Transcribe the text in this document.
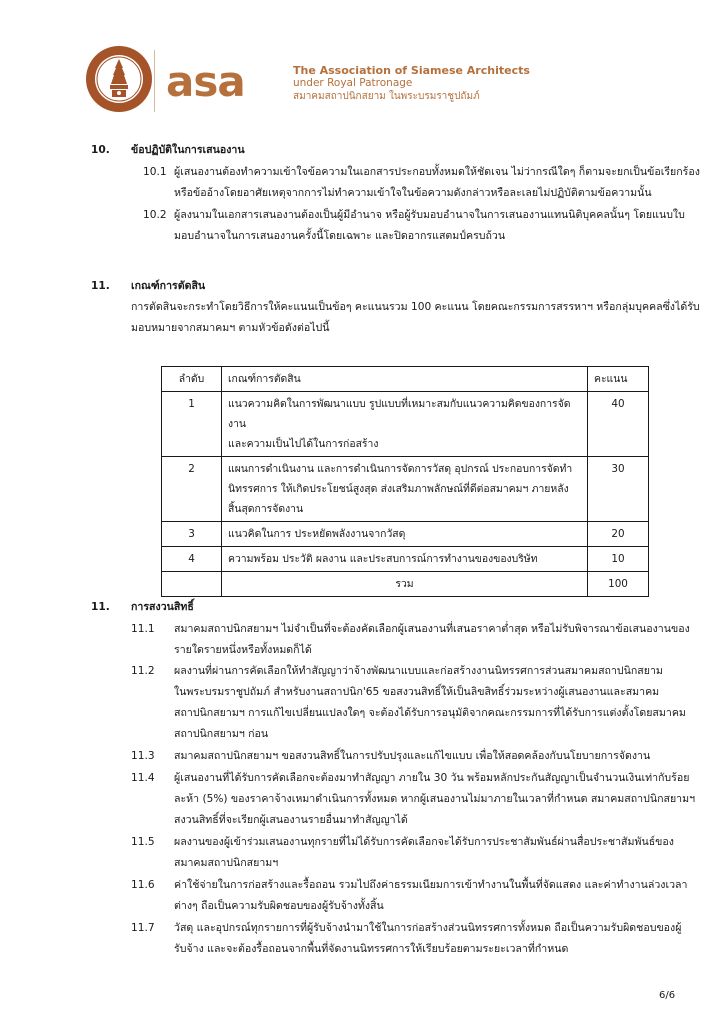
asa	The Association of Siamese Architects
under Royal Patronage
สมาคมสถาปนิกสยาม ในพระบรมราชูปถัมภ์
10. ข้อปฏิบัติในการเสนองาน
10.1 ผู้เสนองานต้องทำความเข้าใจข้อความในเอกสารประกอบทั้งหมดให้ชัดเจน ไม่ว่ากรณีใดๆ ก็ตามจะยกเป็นข้อเรียกร้อง
หรือข้ออ้างโดยอาศัยเหตุจากการไม่ทำความเข้าใจในข้อความดังกล่าวหรือละเลยไม่ปฏิบัติตามข้อความนั้น
10.2 ผู้ลงนามในเอกสารเสนองานต้องเป็นผู้มีอำนาจ หรือผู้รับมอบอำนาจในการเสนองานแทนนิติบุคคลนั้นๆ โดยแนบใบ
มอบอำนาจในการเสนองานครั้งนี้โดยเฉพาะ และปิดอากรแสตมป์ครบถ้วน
11. เกณฑ์การตัดสิน
การตัดสินจะกระทำโดยวิธีการให้คะแนนเป็นข้อๆ คะแนนรวม 100 คะแนน โดยคณะกรรมการสรรหาฯ หรือกลุ่มบุคคลซึ่งได้รับ
มอบหมายจากสมาคมฯ ตามหัวข้อดังต่อไปนี้
ลำดับ	เกณฑ์การตัดสิน	คะแนน
1	แนวความคิดในการพัฒนาแบบ รูปแบบที่เหมาะสมกับแนวความคิดของการจัดงาน
และความเป็นไปได้ในการก่อสร้าง	40
2	แผนการดำเนินงาน และการดำเนินการจัดการวัสดุ อุปกรณ์ ประกอบการจัดทำ
นิทรรศการ ให้เกิดประโยชน์สูงสุด ส่งเสริมภาพลักษณ์ที่ดีต่อสมาคมฯ ภายหลัง
สิ้นสุดการจัดงาน	30
3	แนวคิดในการ ประหยัดพลังงานจากวัสดุ	20
4	ความพร้อม ประวัติ ผลงาน และประสบการณ์การทำงานของของบริษัท	10
	รวม	100
11. การสงวนสิทธิ์
11.1 สมาคมสถาปนิกสยามฯ ไม่จำเป็นที่จะต้องคัดเลือกผู้เสนองานที่เสนอราคาต่ำสุด หรือไม่รับพิจารณาข้อเสนองานของ
รายใดรายหนึ่งหรือทั้งหมดก็ได้
11.2 ผลงานที่ผ่านการคัดเลือกให้ทำสัญญาว่าจ้างพัฒนาแบบและก่อสร้างงานนิทรรศการส่วนสมาคมสถาปนิกสยาม
ในพระบรมราชูปถัมภ์ สำหรับงานสถาปนิก'65 ขอสงวนสิทธิ์ให้เป็นลิขสิทธิ์ร่วมระหว่างผู้เสนองานและสมาคม
สถาปนิกสยามฯ การแก้ไขเปลี่ยนแปลงใดๆ จะต้องได้รับการอนุมัติจากคณะกรรมการที่ได้รับการแต่งตั้งโดยสมาคม
สถาปนิกสยามฯ ก่อน
11.3 สมาคมสถาปนิกสยามฯ ขอสงวนสิทธิ์ในการปรับปรุงและแก้ไขแบบ เพื่อให้สอดคล้องกับนโยบายการจัดงาน
11.4 ผู้เสนองานที่ได้รับการคัดเลือกจะต้องมาทำสัญญา ภายใน 30 วัน พร้อมหลักประกันสัญญาเป็นจำนวนเงินเท่ากับร้อย
ละห้า (5%) ของราคาจ้างเหมาดำเนินการทั้งหมด หากผู้เสนองานไม่มาภายในเวลาที่กำหนด สมาคมสถาปนิกสยามฯ
สงวนสิทธิ์ที่จะเรียกผู้เสนองานรายอื่นมาทำสัญญาได้
11.5 ผลงานของผู้เข้าร่วมเสนองานทุกรายที่ไม่ได้รับการคัดเลือกจะได้รับการประชาสัมพันธ์ผ่านสื่อประชาสัมพันธ์ของ
สมาคมสถาปนิกสยามฯ
11.6 ค่าใช้จ่ายในการก่อสร้างและรื้อถอน รวมไปถึงค่าธรรมเนียมการเข้าทำงานในพื้นที่จัดแสดง และค่าทำงานล่วงเวลา
ต่างๆ ถือเป็นความรับผิดชอบของผู้รับจ้างทั้งสิ้น
11.7 วัสดุ และอุปกรณ์ทุกรายการที่ผู้รับจ้างนำมาใช้ในการก่อสร้างส่วนนิทรรศการทั้งหมด ถือเป็นความรับผิดชอบของผู้
รับจ้าง และจะต้องรื้อถอนจากพื้นที่จัดงานนิทรรศการให้เรียบร้อยตามระยะเวลาที่กำหนด
6/6
